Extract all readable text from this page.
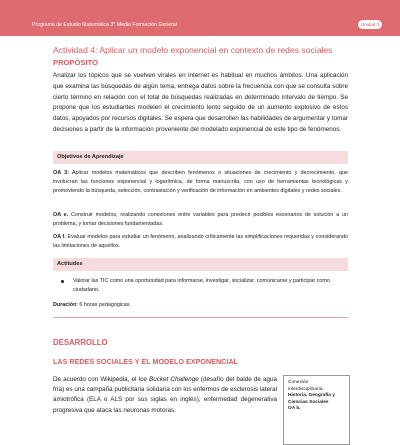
Programa de Estudio Matemática 3° Medio Formación General	Unidad 3
Actividad 4: Aplicar un modelo exponencial en contexto de redes sociales
PROPÓSITO
Analizar los tópicos que se vuelven virales en internet es habitual en muchos ámbitos. Una aplicación que examina las búsquedas de algún tema, entrega datos sobre la frecuencia con que se consulta sobre cierto término en relación con el total de búsquedas realizadas en determinado intervalo de tiempo. Se propone que los estudiantes modelen el crecimiento lento seguido de un aumento explosivo de estos datos, apoyados por recursos digitales. Se espera que desarrollen las habilidades de argumentar y tomar decisiones a partir de la información proveniente del modelado exponencial de este tipo de fenómenos.
Objetivos de Aprendizaje
OA 3: Aplicar modelos matemáticos que describen fenómenos o situaciones de crecimiento y decrecimiento, que involucran las funciones exponencial y logarítmica, de forma manuscrita, con uso de herramientas tecnológicas y promoviendo la búsqueda, selección, contrastación y verificación de información en ambientes digitales y redes sociales.
OA e. Construir modelos, realizando conexiones entre variables para predecir posibles escenarios de solución a un problema, y tomar decisiones fundamentadas.
OA f. Evaluar modelos para estudiar un fenómeno, analizando críticamente las simplificaciones requeridas y considerando las limitaciones de aquellos.
Actitudes
Valorar las TIC como una oportunidad para informarse, investigar, socializar, comunicarse y participar como ciudadano.
Duración: 6 horas pedagógicas.
DESARROLLO
LAS REDES SOCIALES Y EL MODELO EXPONENCIAL
De acuerdo con Wikipedia, el Ice Bucket Challenge (desafío del balde de agua fría) es una campaña publicitaria solidaria con los enfermos de esclerosis lateral amiotrófica (ELA o ALS por sus siglas en inglés), enfermedad degenerativa progresiva que ataca las neuronas motoras.
Conexión interdisciplinaria:
Historia, Geografía y Ciencias Sociales
OA b,
